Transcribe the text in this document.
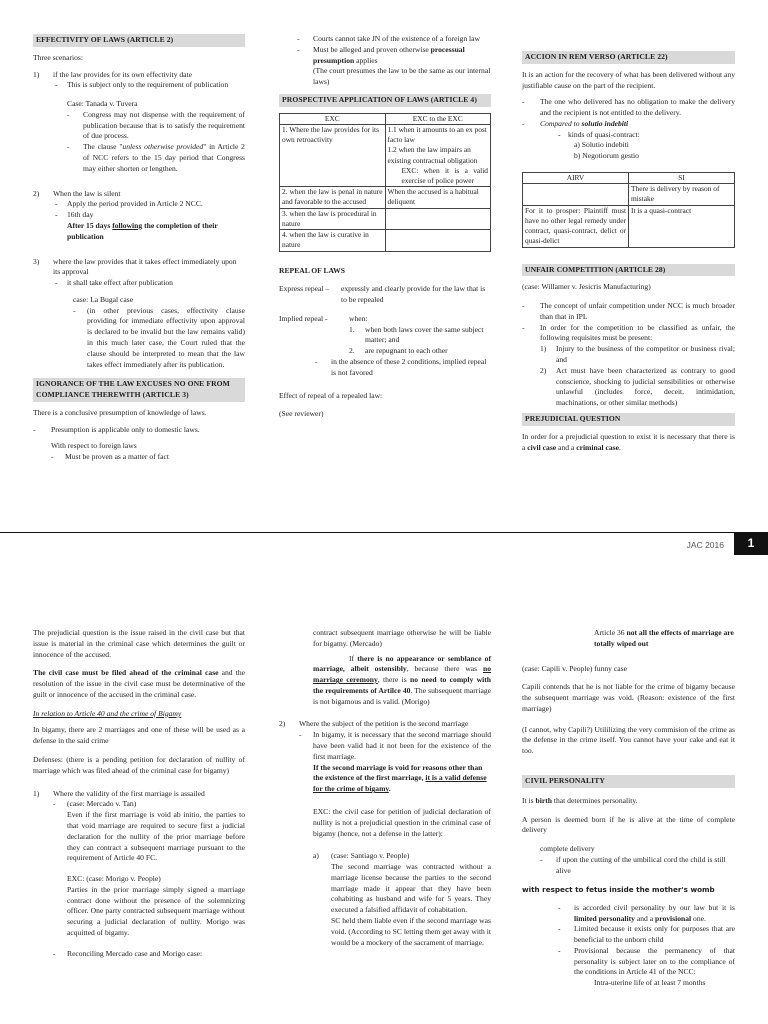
EFFECTIVITY OF LAWS (ARTICLE 2)

Three scenarios:

1)	if the law provides for its own effectivity date
-	This is subject only to the requirement of publication

Case: Tanada v. Tuvera

-	Congress may not dispense with the requirement of publication because that is to satisfy the requirement of due process.
-	The clause "unless otherwise provided" in Article 2 of NCC refers to the 15 day period that Congress may either shorten or lengthen.
2)	When the law is silent
-	Apply the period provided in Article 2 NCC.
-	16th day

After 15 days following the completion of their publication

3)	where the law provides that it takes effect immediately upon its approval
-	it shall take effect after publication

case: La Bugal case

-	(in other previous cases, effectivity clause providing for immediate effectivity upon approval is declared to be invalid but the law remains valid) in this much later case, the Court ruled that the clause should be interpreted to mean that the law takes effect immediately after its publication.
IGNORANCE OF THE LAW EXCUSES NO ONE FROM COMPLIANCE THEREWITH (ARTICLE 3)

There is a conclusive presumption of knowledge of laws.

-	Presumption is applicable only to domestic laws.

With respect to foreign laws

-	Must be proven as a matter of fact
-	Courts cannot take JN of the existence of a foreign law
-	Must be alleged and proven otherwise processual presumption applies

(The court presumes the law to be the same as our internal laws)

PROSPECTIVE APPLICATION OF LAWS (ARTICLE 4)
EXC	EXC to the EXC
1. Where the law provides for its own retroactivity	1.1 when it amounts to an ex post facto law
1.2 when the law impairs an existing contractual obligation
EXC: when it is a valid exercise of police power

2. when the law is penal in nature and favorable to the accused	When the accused is a habitual deliquent
3. when the law is procedural in nature	
4. when the law is curative in nature	

REPEAL OF LAWS

Express repeal –	expressly and clearly provide for the law that is to be repealed
Implied repeal -	when:
1.	when both laws cover the same subject matter; and
2.	are repugnant to each other
-	in the absence of these 2 conditions, implied repeal is not favored

Effect of repeal of a repealed law:

(See reviewer)

ACCION IN REM VERSO (ARTICLE 22)

It is an action for the recovery of what has been delivered without any justifiable cause on the part of the recipient.

-	The one who delivered has no obligation to make the delivery and the recipient is not entitled to the delivery.
-	Compared to solutio indebiti
- kinds of quasi-contract:

a) Solutio indebiti

b) Negotiorum gestio

AIRV	SI
	There is delivery by reason of mistake
For it to prosper: Plaintiff must have no other legal remedy under contract, quasi-contract, delict or quasi-delict	It is a quasi-contract
UNFAIR COMPETITION (ARTICLE 28)

(case: Willamer v. Jesicris Manufacturing)

-	The concept of unfair competition under NCC is much broader than that in IPL
-	In order for the competition to be classified as unfair, the following requisites must be present:
1)	Injury to the business of the competitor or business rival; and
2)	Act must have been characterized as contrary to good conscience, shocking to judicial sensibilities or otherwise unlawful (includes force, deceit, intimidation, machinations, or other similar methods)
PREJUDICIAL QUESTION

In order for a prejudicial question to exist it is necessary that there is a civil case and a criminal case.

JAC 2016	1

The prejudicial question is the issue raised in the civil case but that issue is material in the criminal case which determines the guilt or innocence of the accused.

The civil case must be filed ahead of the criminal case and the resolution of the issue in the civil case must be determinative of the guilt or innocence of the accused in the criminal case.

In relation to Article 40 and the crime of Bigamy

In bigamy, there are 2 marriages and one of these will be used as a defense in the said crime

Defenses: (there is a pending petition for declaration of nullity of marriage which was filed ahead of the criminal case for bigamy)

1)	Where the validity of the first marriage is assailed
-	(case: Mercado v. Tan)

Even if the first marriage is void ab initio, the parties to that void marriage are required to secure first a judicial declaration for the nullity of the prior marriage before they can contract a subsequent marriage pursuant to the requirement of Article 40 FC.

EXC: (case: Morigo v. People)

Parties in the prior marriage simply signed a marriage contract done without the presence of the solemnizing officer. One party contracted subsequent marriage without securing a judicial declaration of nullity. Morigo was acquitted of bigamy.

-	Reconciling Mercado case and Morigo case:

contract subsequent marriage otherwise he will be liable for bigamy. (Mercado)

If there is no appearance or semblance of marriage, albeit ostensibly, because there was no marriage ceremony, there is no need to comply with the requirements of Artilce 40. The subsequent marriage is not bigamous and is valid. (Morigo)

2)	Where the subject of the petition is the second marriage
-	In bigamy, it is necessary that the second marriage should have been valid had it not been for the existence of the first marriage.

If the second marriage is void for reasons other than the existence of the first marriage, it is a valid defense for the crime of bigamy.

EXC: the civil case for petition of judicial declaration of nullity is not a prejudicial question in the criminal case of bigamy (hence, not a defense in the latter):

a)	(case: Santiago v. People)

The second marriage was contracted without a marriage license because the parties to the second marriage made it appear that they have been cohabiting as husband and wife for 5 years. They executed a falsified affidavit of cohabitation.

SC held them liable even if the second marriage was void. (According to SC letting them get away with it would be a mockery of the sacrament of marriage.

Article 36 not all the effects of marriage are totally wiped out

(case: Capili v. People) funny case

Capili contends that he is not liable for the crime of bigamy because the subsequent marriage was void. (Reason: existence of the first marriage)

(I cannot, why Capili?) Utililizing the very commision of the crime as the defense in the crime itself. You cannot have your cake and eat it too.

CIVIL PERSONALITY

It is birth that determines personality.

A person is deemed born if he is alive at the time of complete delivery

complete delivery

-	if upon the cutting of the umbilical cord the child is still alive

with respect to fetus inside the mother's womb

-	is accorded civil personality by our law but it is limited personality and a provisional one.
-	Limited because it exists only for purposes that are beneficial to the unborn child
-	Provisional because the permanency of that personality is subject later on to the compliance of the conditions in Article 41 of the NCC:

Intra-uterine life of at least 7 months
